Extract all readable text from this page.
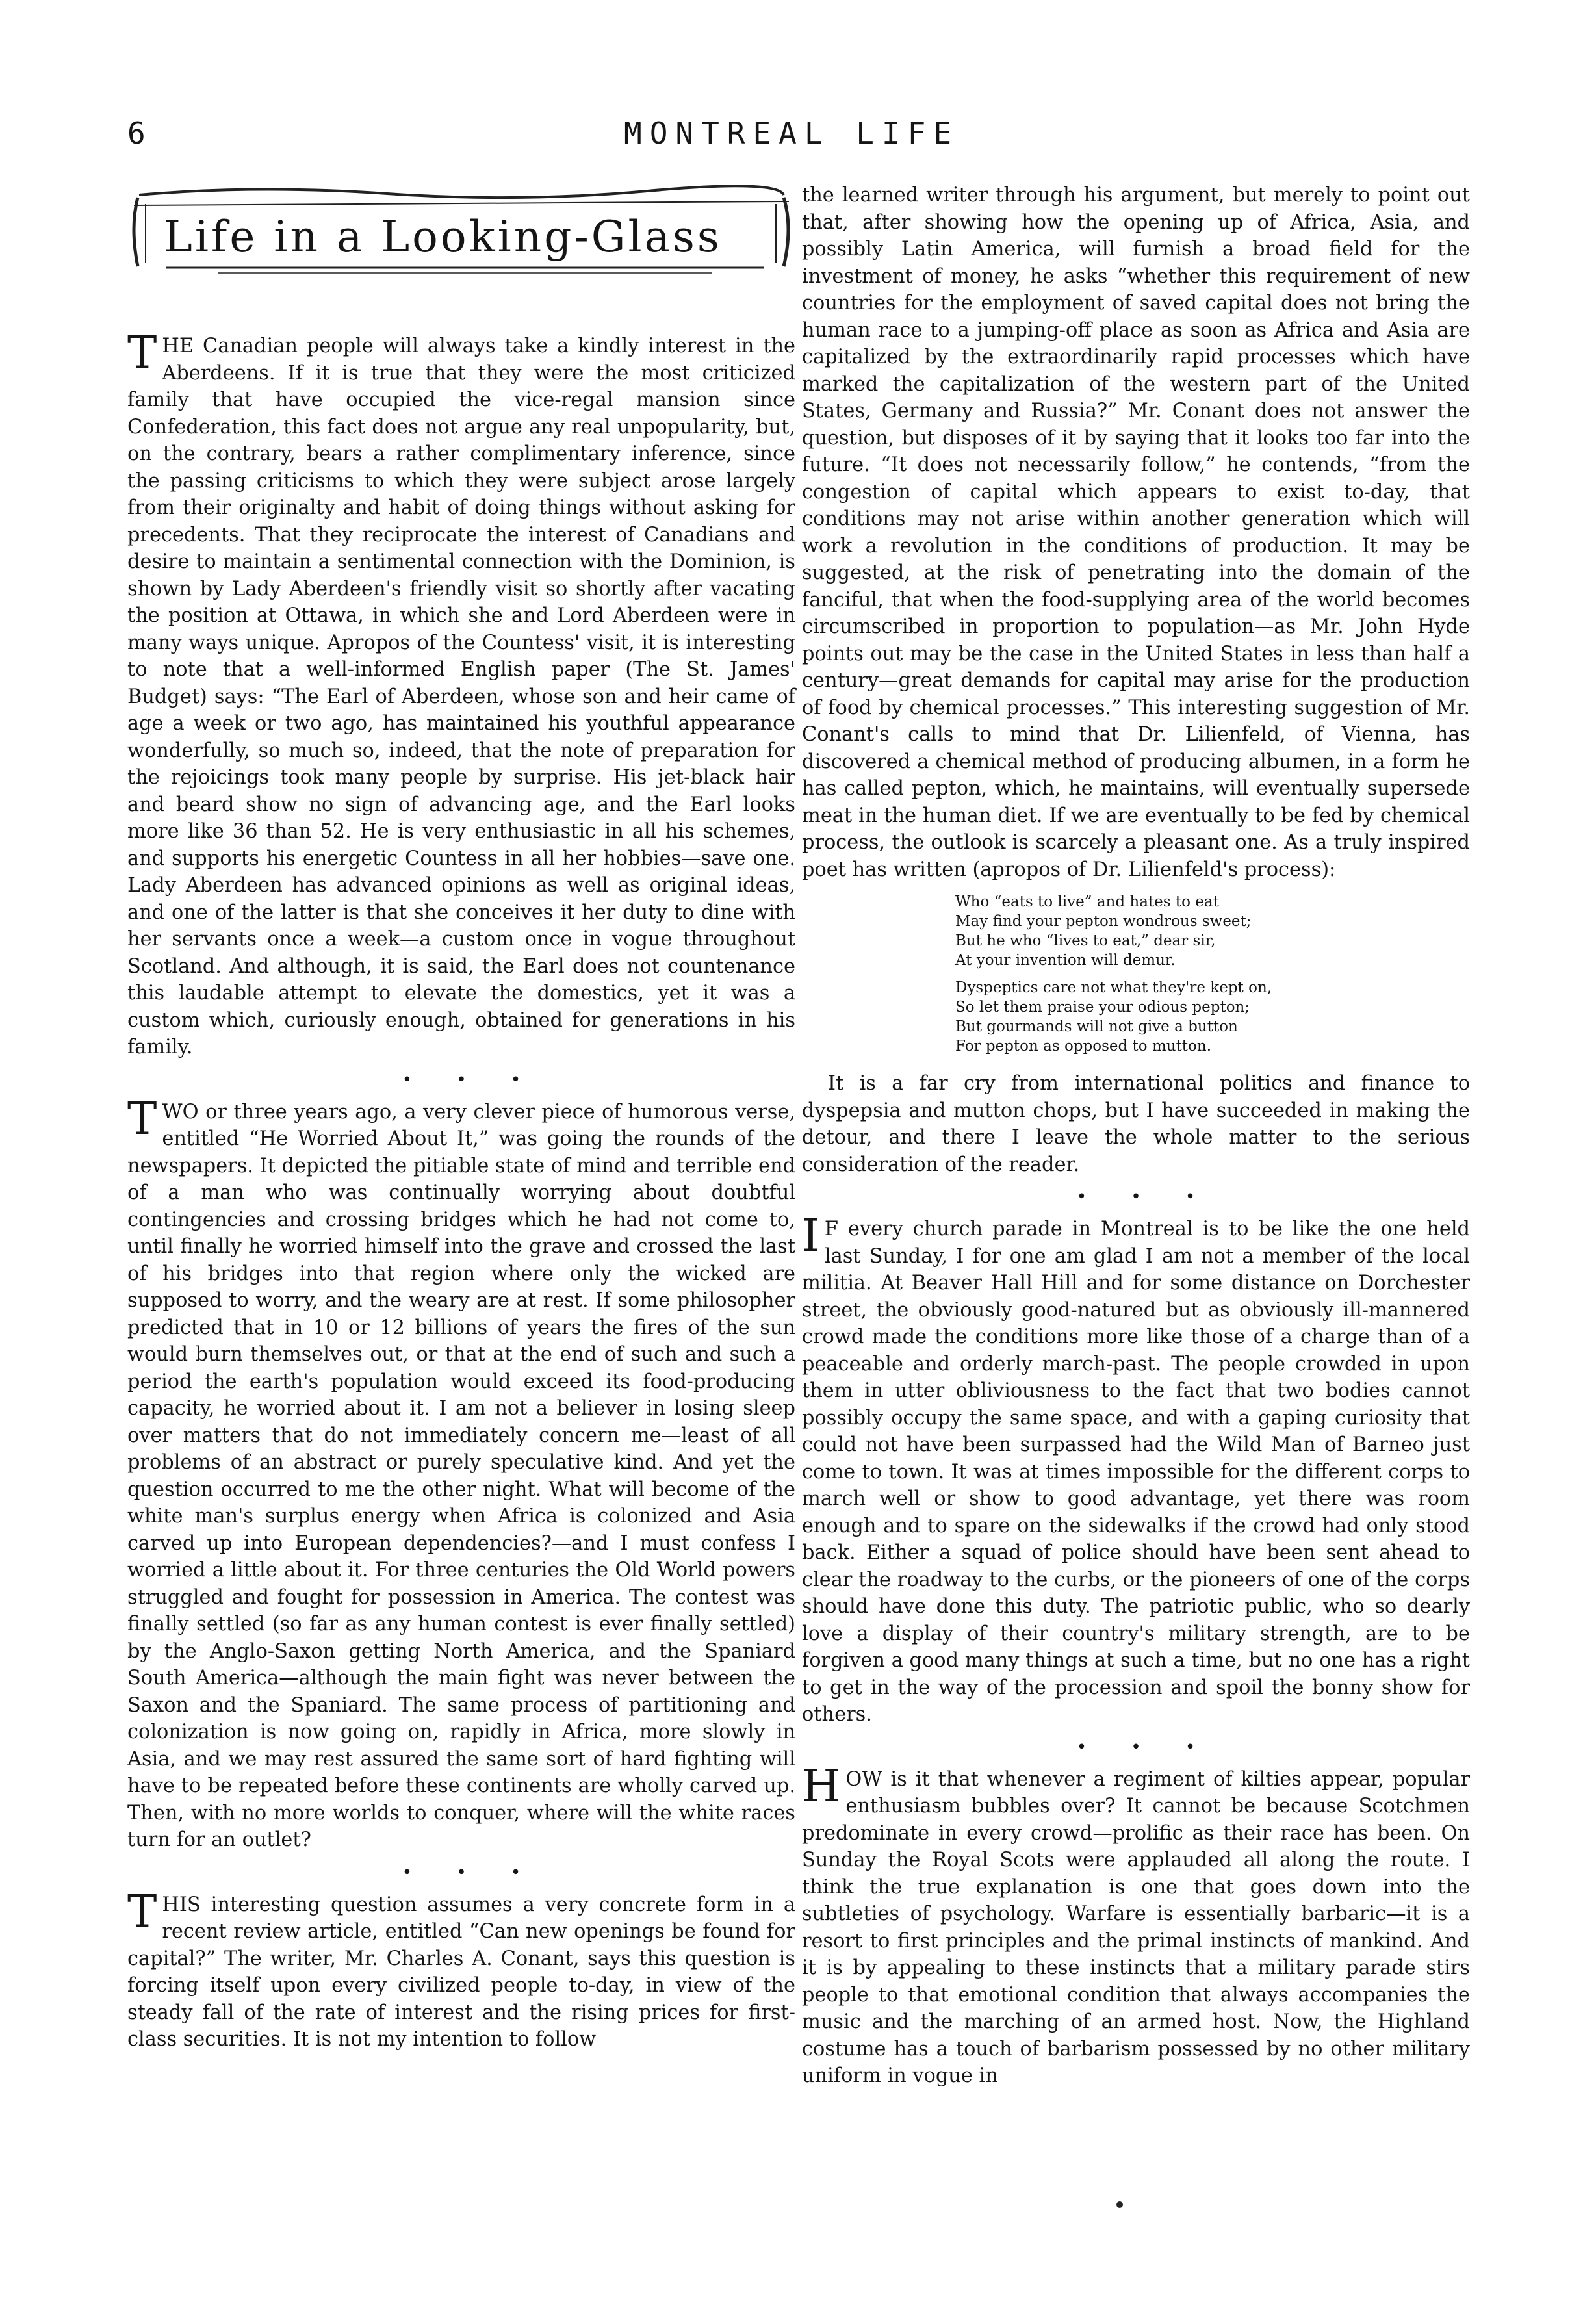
6	MONTREAL LIFE
Life in a Looking-Glass

THE Canadian people will always take a kindly interest in the Aberdeens. If it is true that they were the most criticized family that have occupied the vice-regal mansion since Confederation, this fact does not argue any real unpopularity, but, on the contrary, bears a rather complimentary inference, since the passing criticisms to which they were subject arose largely from their originalty and habit of doing things without asking for precedents. That they reciprocate the interest of Canadians and desire to maintain a sentimental connection with the Dominion, is shown by Lady Aberdeen's friendly visit so shortly after vacating the position at Ottawa, in which she and Lord Aberdeen were in many ways unique. Apropos of the Countess' visit, it is interesting to note that a well-informed English paper (The St. James' Budget) says: “The Earl of Aberdeen, whose son and heir came of age a week or two ago, has maintained his youthful appearance wonderfully, so much so, indeed, that the note of preparation for the rejoicings took many people by surprise. His jet-black hair and beard show no sign of advancing age, and the Earl looks more like 36 than 52. He is very enthusiastic in all his schemes, and supports his energetic Countess in all her hobbies—save one. Lady Aberdeen has advanced opinions as well as original ideas, and one of the latter is that she conceives it her duty to dine with her servants once a week—a custom once in vogue throughout Scotland. And although, it is said, the Earl does not countenance this laudable attempt to elevate the domestics, yet it was a custom which, curiously enough, obtained for generations in his family.

• • •

TWO or three years ago, a very clever piece of humorous verse, entitled “He Worried About It,” was going the rounds of the newspapers. It depicted the pitiable state of mind and terrible end of a man who was continually worrying about doubtful contingencies and crossing bridges which he had not come to, until finally he worried himself into the grave and crossed the last of his bridges into that region where only the wicked are supposed to worry, and the weary are at rest. If some philosopher predicted that in 10 or 12 billions of years the fires of the sun would burn themselves out, or that at the end of such and such a period the earth's population would exceed its food-producing capacity, he worried about it. I am not a believer in losing sleep over matters that do not immediately concern me—least of all problems of an abstract or purely speculative kind. And yet the question occurred to me the other night. What will become of the white man's surplus energy when Africa is colonized and Asia carved up into European dependencies?—and I must confess I worried a little about it. For three centuries the Old World powers struggled and fought for possession in America. The contest was finally settled (so far as any human contest is ever finally settled) by the Anglo-Saxon getting North America, and the Spaniard South America—although the main fight was never between the Saxon and the Spaniard. The same process of partitioning and colonization is now going on, rapidly in Africa, more slowly in Asia, and we may rest assured the same sort of hard fighting will have to be repeated before these continents are wholly carved up. Then, with no more worlds to conquer, where will the white races turn for an outlet?

• • •

THIS interesting question assumes a very concrete form in a recent review article, entitled “Can new openings be found for capital?” The writer, Mr. Charles A. Conant, says this question is forcing itself upon every civilized people to-day, in view of the steady fall of the rate of interest and the rising prices for first-class securities. It is not my intention to follow

the learned writer through his argument, but merely to point out that, after showing how the opening up of Africa, Asia, and possibly Latin America, will furnish a broad field for the investment of money, he asks “whether this requirement of new countries for the employment of saved capital does not bring the human race to a jumping-off place as soon as Africa and Asia are capitalized by the extraordinarily rapid processes which have marked the capitalization of the western part of the United States, Germany and Russia?” Mr. Conant does not answer the question, but disposes of it by saying that it looks too far into the future. “It does not necessarily follow,” he contends, “from the congestion of capital which appears to exist to-day, that conditions may not arise within another generation which will work a revolution in the conditions of production. It may be suggested, at the risk of penetrating into the domain of the fanciful, that when the food-supplying area of the world becomes circumscribed in proportion to population—as Mr. John Hyde points out may be the case in the United States in less than half a century—great demands for capital may arise for the production of food by chemical processes.” This interesting suggestion of Mr. Conant's calls to mind that Dr. Lilienfeld, of Vienna, has discovered a chemical method of producing albumen, in a form he has called pepton, which, he maintains, will eventually supersede meat in the human diet. If we are eventually to be fed by chemical process, the outlook is scarcely a pleasant one. As a truly inspired poet has written (apropos of Dr. Lilienfeld's process):

Who “eats to live” and hates to eat
May find your pepton wondrous sweet;
But he who “lives to eat,” dear sir,
At your invention will demur.
Dyspeptics care not what they're kept on,
So let them praise your odious pepton;
But gourmands will not give a button
For pepton as opposed to mutton.

It is a far cry from international politics and finance to dyspepsia and mutton chops, but I have succeeded in making the detour, and there I leave the whole matter to the serious consideration of the reader.

• • •

I F every church parade in Montreal is to be like the one held last Sunday, I for one am glad I am not a member of the local militia. At Beaver Hall Hill and for some distance on Dorchester street, the obviously good-natured but as obviously ill-mannered crowd made the conditions more like those of a charge than of a peaceable and orderly march-past. The people crowded in upon them in utter obliviousness to the fact that two bodies cannot possibly occupy the same space, and with a gaping curiosity that could not have been surpassed had the Wild Man of Barneo just come to town. It was at times impossible for the different corps to march well or show to good advantage, yet there was room enough and to spare on the sidewalks if the crowd had only stood back. Either a squad of police should have been sent ahead to clear the roadway to the curbs, or the pioneers of one of the corps should have done this duty. The patriotic public, who so dearly love a display of their country's military strength, are to be forgiven a good many things at such a time, but no one has a right to get in the way of the procession and spoil the bonny show for others.

• • •

HOW is it that whenever a regiment of kilties appear, popular enthusiasm bubbles over? It cannot be because Scotchmen predominate in every crowd—prolific as their race has been. On Sunday the Royal Scots were applauded all along the route. I think the true explanation is one that goes down into the subtleties of psychology. Warfare is essentially barbaric—it is a resort to first principles and the primal instincts of mankind. And it is by appealing to these instincts that a military parade stirs people to that emotional condition that always accompanies the music and the marching of an armed host. Now, the Highland costume has a touch of barbarism possessed by no other military uniform in vogue in
